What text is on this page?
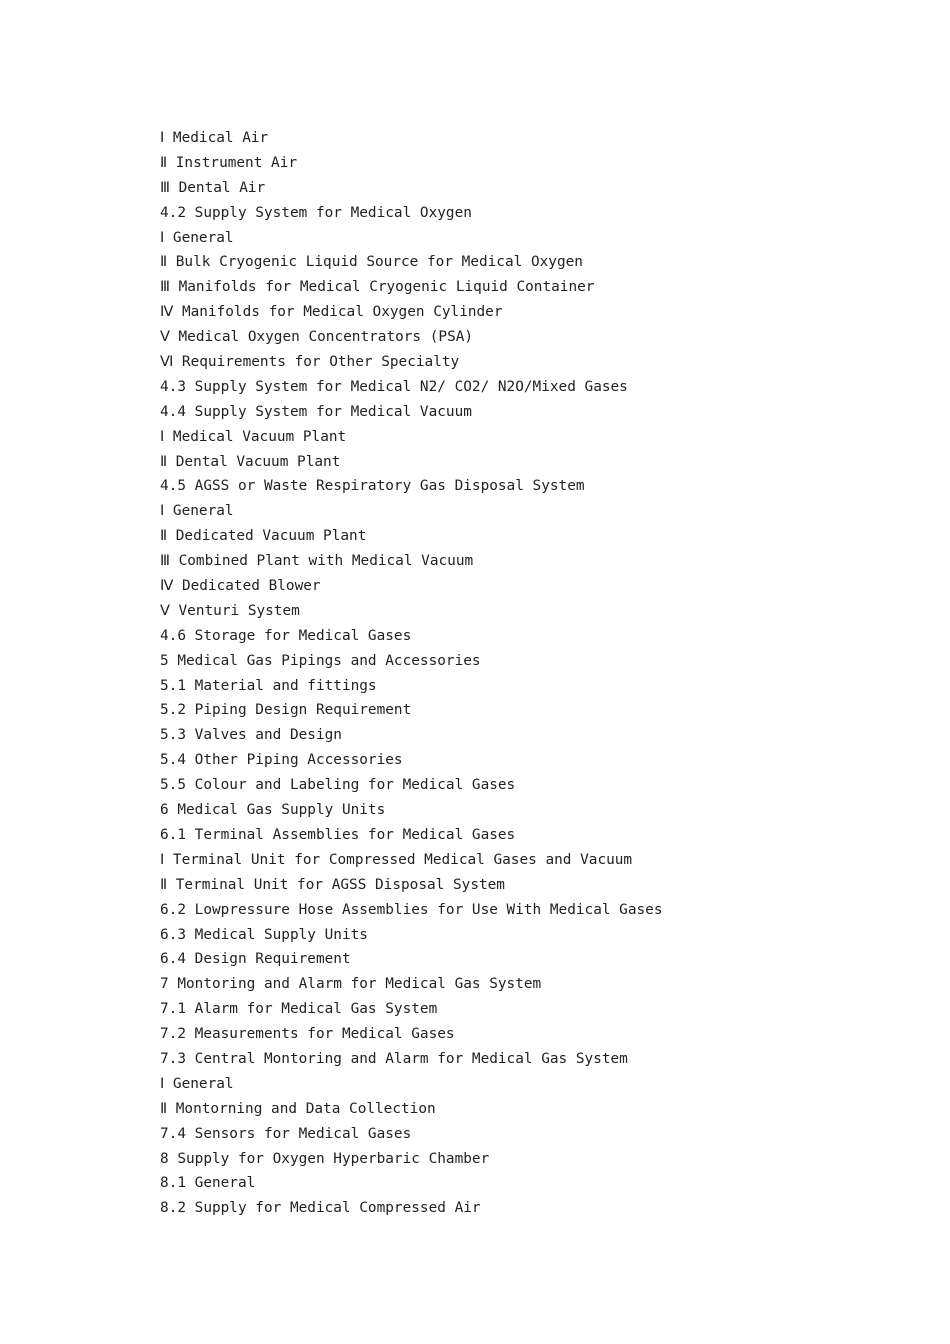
Ⅰ Medical Air
Ⅱ Instrument Air
Ⅲ Dental Air
4.2 Supply System for Medical Oxygen
Ⅰ General
Ⅱ Bulk Cryogenic Liquid Source for Medical Oxygen
Ⅲ Manifolds for Medical Cryogenic Liquid Container
Ⅳ Manifolds for Medical Oxygen Cylinder
Ⅴ Medical Oxygen Concentrators (PSA)
Ⅵ Requirements for Other Specialty
4.3 Supply System for Medical N2/ CO2/ N2O/Mixed Gases
4.4 Supply System for Medical Vacuum
Ⅰ Medical Vacuum Plant
Ⅱ Dental Vacuum Plant
4.5 AGSS or Waste Respiratory Gas Disposal System
Ⅰ General
Ⅱ Dedicated Vacuum Plant
Ⅲ Combined Plant with Medical Vacuum
Ⅳ Dedicated Blower
Ⅴ Venturi System
4.6 Storage for Medical Gases
5 Medical Gas Pipings and Accessories
5.1 Material and fittings
5.2 Piping Design Requirement
5.3 Valves and Design
5.4 Other Piping Accessories
5.5 Colour and Labeling for Medical Gases
6 Medical Gas Supply Units
6.1 Terminal Assemblies for Medical Gases
Ⅰ Terminal Unit for Compressed Medical Gases and Vacuum
Ⅱ Terminal Unit for AGSS Disposal System
6.2 Lowpressure Hose Assemblies for Use With Medical Gases
6.3 Medical Supply Units
6.4 Design Requirement
7 Montoring and Alarm for Medical Gas System
7.1 Alarm for Medical Gas System
7.2 Measurements for Medical Gases
7.3 Central Montoring and Alarm for Medical Gas System
Ⅰ General
Ⅱ Montorning and Data Collection
7.4 Sensors for Medical Gases
8 Supply for Oxygen Hyperbaric Chamber
8.1 General
8.2 Supply for Medical Compressed Air
